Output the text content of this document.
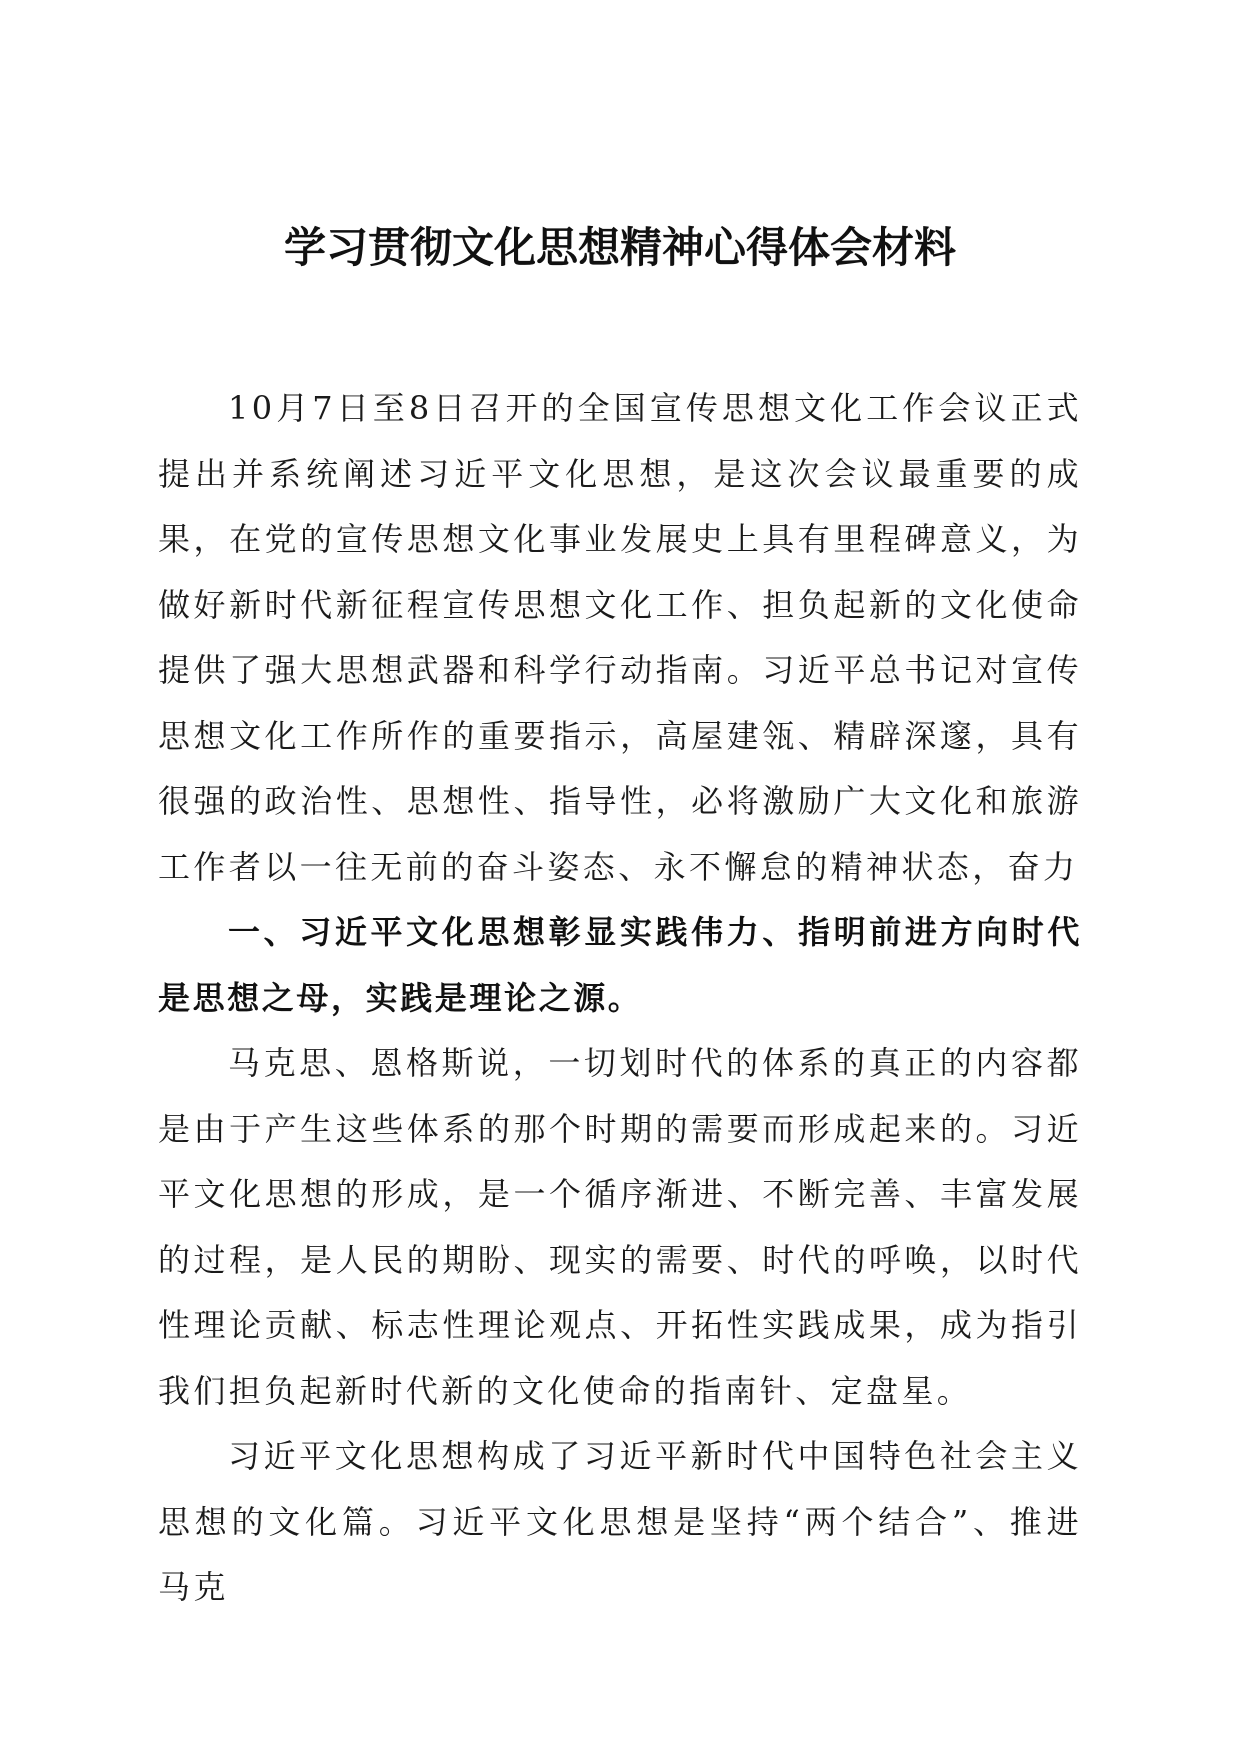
学习贯彻文化思想精神心得体会材料

10月7日至8日召开的全国宣传思想文化工作会议正式提出并系统阐述习近平文化思想，是这次会议最重要的成果，在党的宣传思想文化事业发展史上具有里程碑意义，为做好新时代新征程宣传思想文化工作、担负起新的文化使命提供了强大思想武器和科学行动指南。习近平总书记对宣传思想文化工作所作的重要指示，高屋建瓴、精辟深邃，具有很强的政治性、思想性、指导性，必将激励广大文化和旅游工作者以一往无前的奋斗姿态、永不懈怠的精神状态，奋力

一、习近平文化思想彰显实践伟力、指明前进方向时代是思想之母，实践是理论之源。

马克思、恩格斯说，一切划时代的体系的真正的内容都是由于产生这些体系的那个时期的需要而形成起来的。习近平文化思想的形成，是一个循序渐进、不断完善、丰富发展的过程，是人民的期盼、现实的需要、时代的呼唤，以时代性理论贡献、标志性理论观点、开拓性实践成果，成为指引我们担负起新时代新的文化使命的指南针、定盘星。

习近平文化思想构成了习近平新时代中国特色社会主义思想的文化篇。习近平文化思想是坚持“两个结合”、推进马克
